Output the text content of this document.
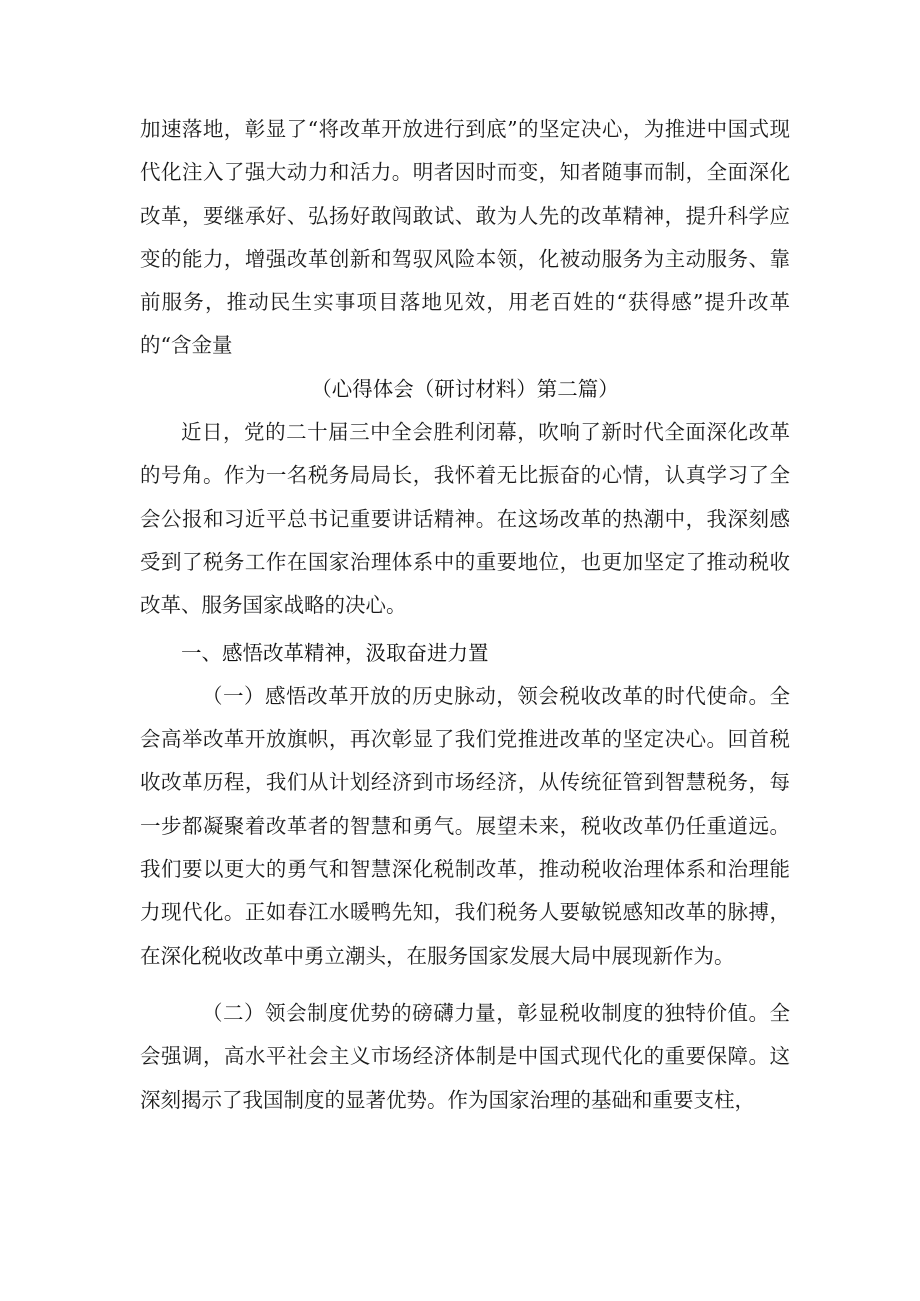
加速落地，彰显了“将改革开放进行到底”的坚定决心，为推进中国式现代化注入了强大动力和活力。明者因时而变，知者随事而制，全面深化改革，要继承好、弘扬好敢闯敢试、敢为人先的改革精神，提升科学应变的能力，增强改革创新和驾驭风险本领，化被动服务为主动服务、靠前服务，推动民生实事项目落地见效，用老百姓的“获得感”提升改革的“含金量

（心得体会（研讨材料）第二篇）

近日，党的二十届三中全会胜利闭幕，吹响了新时代全面深化改革的号角。作为一名税务局局长，我怀着无比振奋的心情，认真学习了全会公报和习近平总书记重要讲话精神。在这场改革的热潮中，我深刻感受到了税务工作在国家治理体系中的重要地位，也更加坚定了推动税收改革、服务国家战略的决心。

一、感悟改革精神，汲取奋进力置

（一）感悟改革开放的历史脉动，领会税收改革的时代使命。全会高举改革开放旗帜，再次彰显了我们党推进改革的坚定决心。回首税收改革历程，我们从计划经济到市场经济，从传统征管到智慧税务，每一步都凝聚着改革者的智慧和勇气。展望未来，税收改革仍任重道远。我们要以更大的勇气和智慧深化税制改革，推动税收治理体系和治理能力现代化。正如春江水暖鸭先知，我们税务人要敏锐感知改革的脉搏，在深化税收改革中勇立潮头，在服务国家发展大局中展现新作为。

（二）领会制度优势的磅礴力量，彰显税收制度的独特价值。全会强调，高水平社会主义市场经济体制是中国式现代化的重要保障。这深刻揭示了我国制度的显著优势。作为国家治理的基础和重要支柱，
